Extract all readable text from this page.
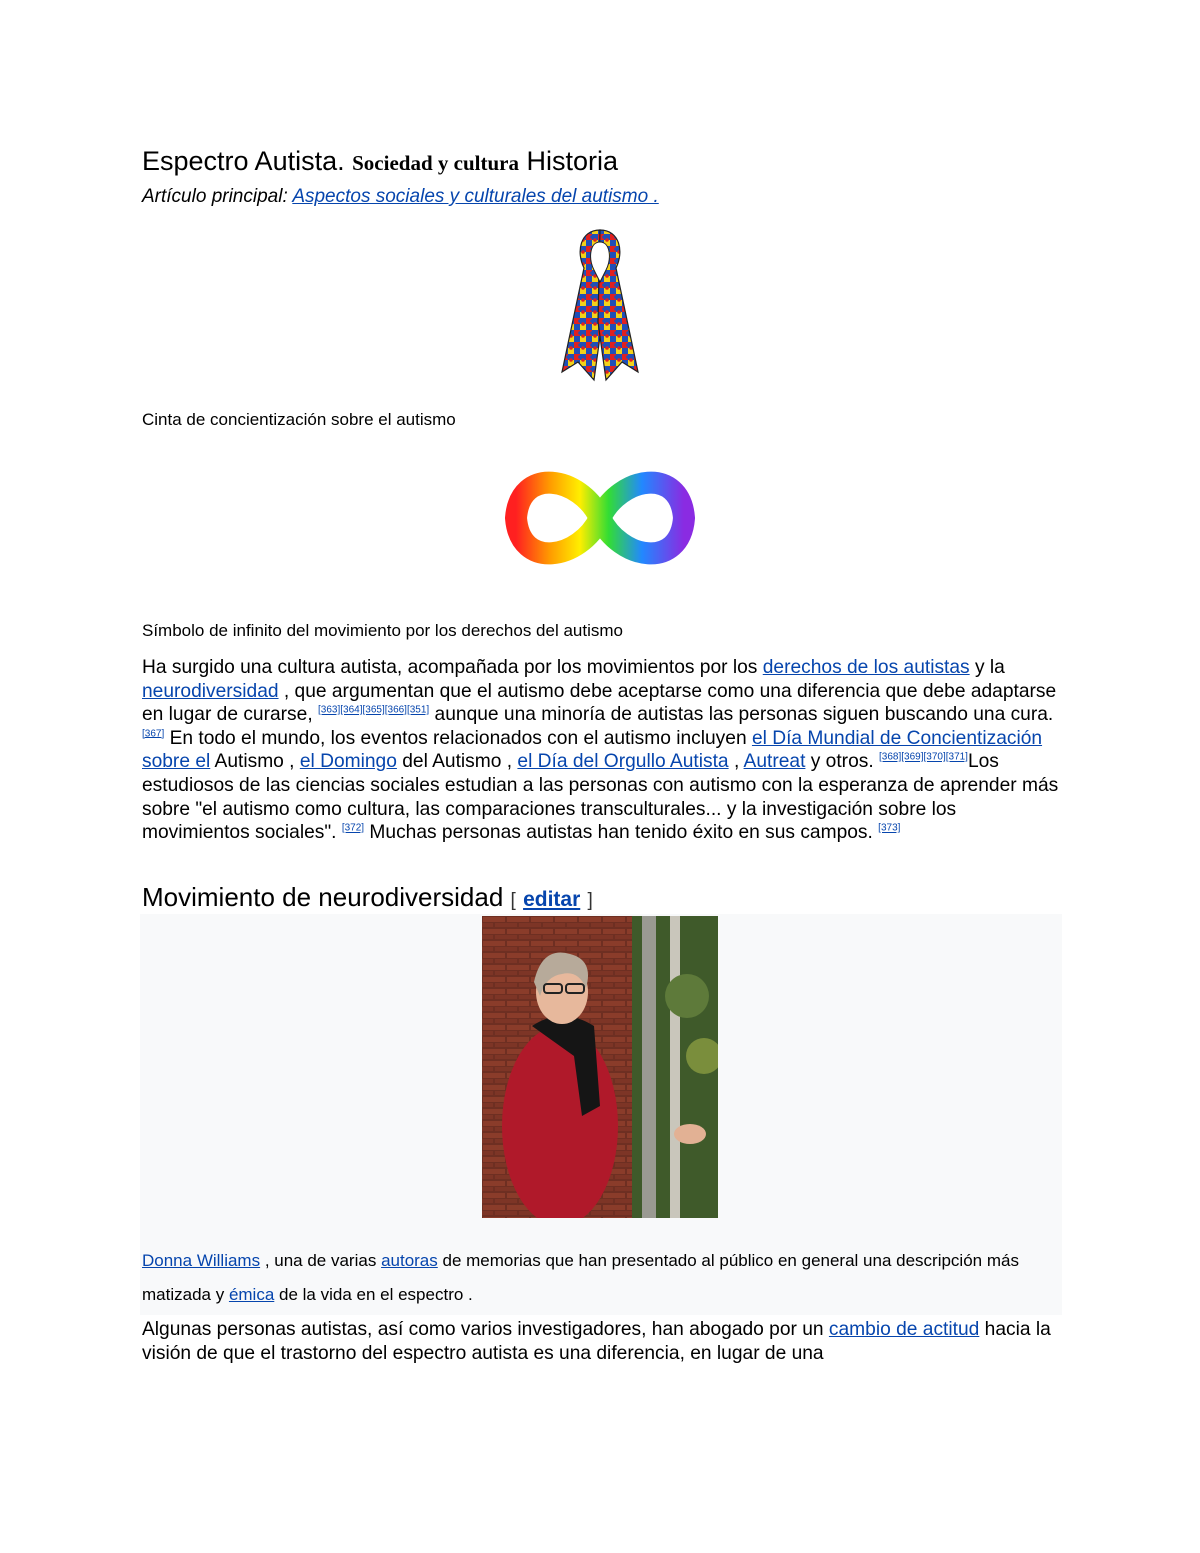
Espectro Autista. Sociedad y cultura Historia
Artículo principal: Aspectos sociales y culturales del autismo .
Cinta de concientización sobre el autismo
Símbolo de infinito del movimiento por los derechos del autismo
Ha surgido una cultura autista, acompañada por los movimientos por los derechos de los autistas y la neurodiversidad , que argumentan que el autismo debe aceptarse como una diferencia que debe adaptarse en lugar de curarse, [363][364][365][366][351] aunque una minoría de autistas las personas siguen buscando una cura. [367] En todo el mundo, los eventos relacionados con el autismo incluyen el Día Mundial de Concientización sobre el Autismo , el Domingo del Autismo , el Día del Orgullo Autista , Autreat y otros. [368][369][370][371]Los estudiosos de las ciencias sociales estudian a las personas con autismo con la esperanza de aprender más sobre "el autismo como cultura, las comparaciones transculturales... y la investigación sobre los movimientos sociales". [372] Muchas personas autistas han tenido éxito en sus campos. [373]
Movimiento de neurodiversidad [ editar ]
Donna Williams , una de varias autoras de memorias que han presentado al público en general una descripción más matizada y émica de la vida en el espectro .
Algunas personas autistas, así como varios investigadores, han abogado por un cambio de actitud hacia la visión de que el trastorno del espectro autista es una diferencia, en lugar de una
